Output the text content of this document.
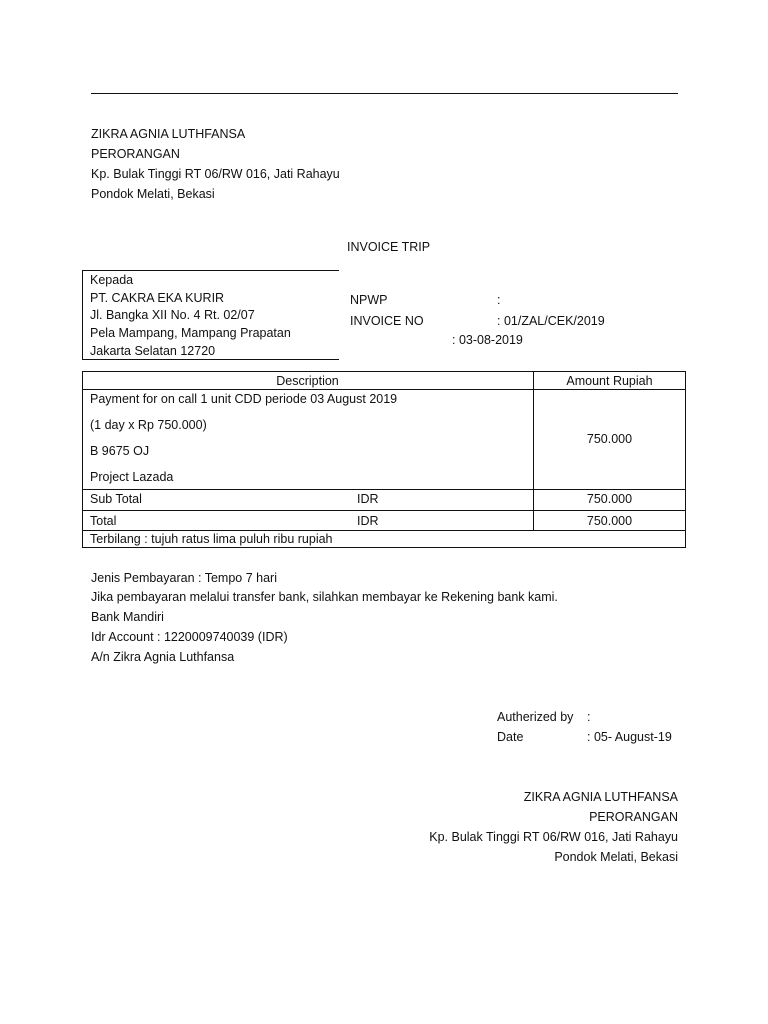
ZIKRA AGNIA LUTHFANSA

PERORANGAN

Kp. Bulak Tinggi RT 06/RW 016, Jati Rahayu

Pondok Melati, Bekasi

INVOICE TRIP

Kepada

PT. CAKRA EKA KURIR

Jl. Bangka XII No. 4 Rt. 02/07

Pela Mampang, Mampang Prapatan

Jakarta Selatan 12720

NPWP	:

INVOICE NO	: 01/ZAL/CEK/2019

: 03-08-2019

Description	Amount Rupiah

Payment for on call 1 unit CDD periode 03 August 2019

(1 day x Rp 750.000)

B 9675 OJ

Project Lazada

750.000

Sub Total	IDR	750.000

Total	IDR	750.000

Terbilang : tujuh ratus lima puluh ribu rupiah

Jenis Pembayaran : Tempo 7 hari

Jika pembayaran melalui transfer bank, silahkan membayar ke Rekening bank kami.

Bank Mandiri

Idr Account : 1220009740039 (IDR)

A/n Zikra Agnia Luthfansa

Autherized by :

Date	: 05- August-19

ZIKRA AGNIA LUTHFANSA

PERORANGAN

Kp. Bulak Tinggi RT 06/RW 016, Jati Rahayu

Pondok Melati, Bekasi
